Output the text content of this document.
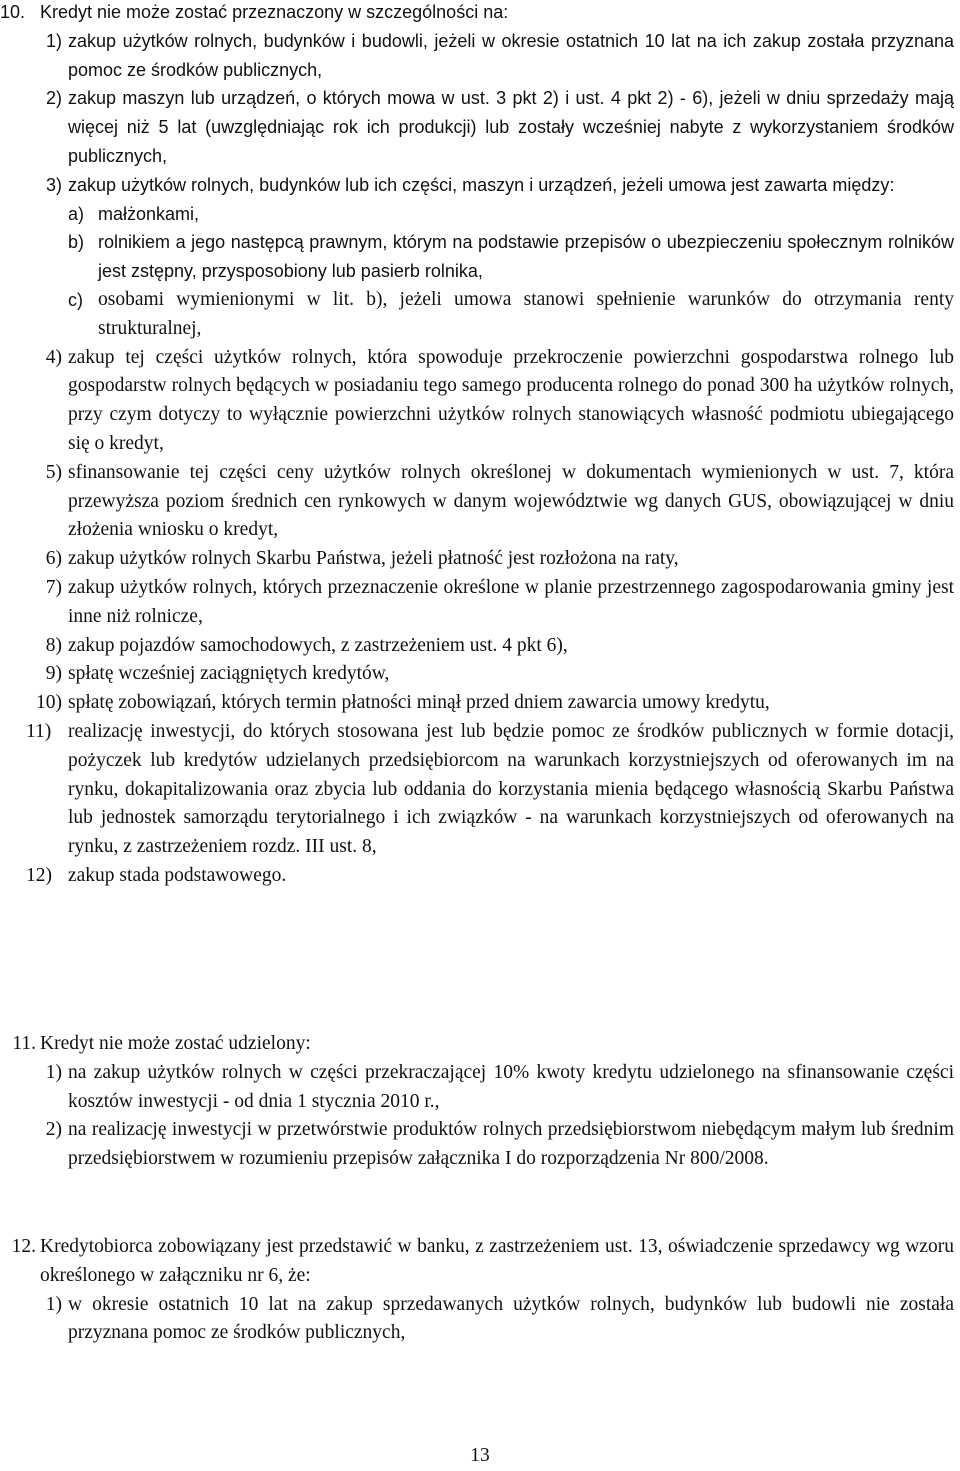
10. Kredyt nie może zostać przeznaczony w szczególności na:
1) zakup użytków rolnych, budynków i budowli, jeżeli w okresie ostatnich 10 lat na ich zakup została przyznana pomoc ze środków publicznych,
2) zakup maszyn lub urządzeń, o których mowa w ust. 3 pkt 2) i ust. 4 pkt 2) - 6), jeżeli w dniu sprzedaży mają więcej niż 5 lat (uwzględniając rok ich produkcji) lub zostały wcześniej nabyte z wykorzystaniem środków publicznych,
3) zakup użytków rolnych, budynków lub ich części, maszyn i urządzeń, jeżeli umowa jest zawarta między:
a) małżonkami,
b) rolnikiem a jego następcą prawnym, którym na podstawie przepisów o ubezpieczeniu społecznym rolników jest zstępny, przysposobiony lub pasierb rolnika,
c) osobami wymienionymi w lit. b), jeżeli umowa stanowi spełnienie warunków do otrzymania renty strukturalnej,
4) zakup tej części użytków rolnych, która spowoduje przekroczenie powierzchni gospodarstwa rolnego lub gospodarstw rolnych będących w posiadaniu tego samego producenta rolnego do ponad 300 ha użytków rolnych, przy czym dotyczy to wyłącznie powierzchni użytków rolnych stanowiących własność podmiotu ubiegającego się o kredyt,
5) sfinansowanie tej części ceny użytków rolnych określonej w dokumentach wymienionych w ust. 7, która przewyższa poziom średnich cen rynkowych w danym województwie wg danych GUS, obowiązującej w dniu złożenia wniosku o kredyt,
6) zakup użytków rolnych Skarbu Państwa, jeżeli płatność jest rozłożona na raty,
7) zakup użytków rolnych, których przeznaczenie określone w planie przestrzennego zagospodarowania gminy jest inne niż rolnicze,
8) zakup pojazdów samochodowych, z zastrzeżeniem ust. 4 pkt 6),
9) spłatę wcześniej zaciągniętych kredytów,
10) spłatę zobowiązań, których termin płatności minął przed dniem zawarcia umowy kredytu,
11) realizację inwestycji, do których stosowana jest lub będzie pomoc ze środków publicznych w formie dotacji, pożyczek lub kredytów udzielanych przedsiębiorcom na warunkach korzystniejszych od oferowanych im na rynku, dokapitalizowania oraz zbycia lub oddania do korzystania mienia będącego własnością Skarbu Państwa lub jednostek samorządu terytorialnego i ich związków - na warunkach korzystniejszych od oferowanych na rynku, z zastrzeżeniem rozdz. III ust. 8,
12) zakup stada podstawowego.
11. Kredyt nie może zostać udzielony:
1) na zakup użytków rolnych w części przekraczającej 10% kwoty kredytu udzielonego na sfinansowanie części kosztów inwestycji - od dnia 1 stycznia 2010 r.,
2) na realizację inwestycji w przetwórstwie produktów rolnych przedsiębiorstwom niebędącym małym lub średnim przedsiębiorstwem w rozumieniu przepisów załącznika I do rozporządzenia Nr 800/2008.
12. Kredytobiorca zobowiązany jest przedstawić w banku, z zastrzeżeniem ust. 13, oświadczenie sprzedawcy wg wzoru określonego w załączniku nr 6, że:
1) w okresie ostatnich 10 lat na zakup sprzedawanych użytków rolnych, budynków lub budowli nie została przyznana pomoc ze środków publicznych,
13
